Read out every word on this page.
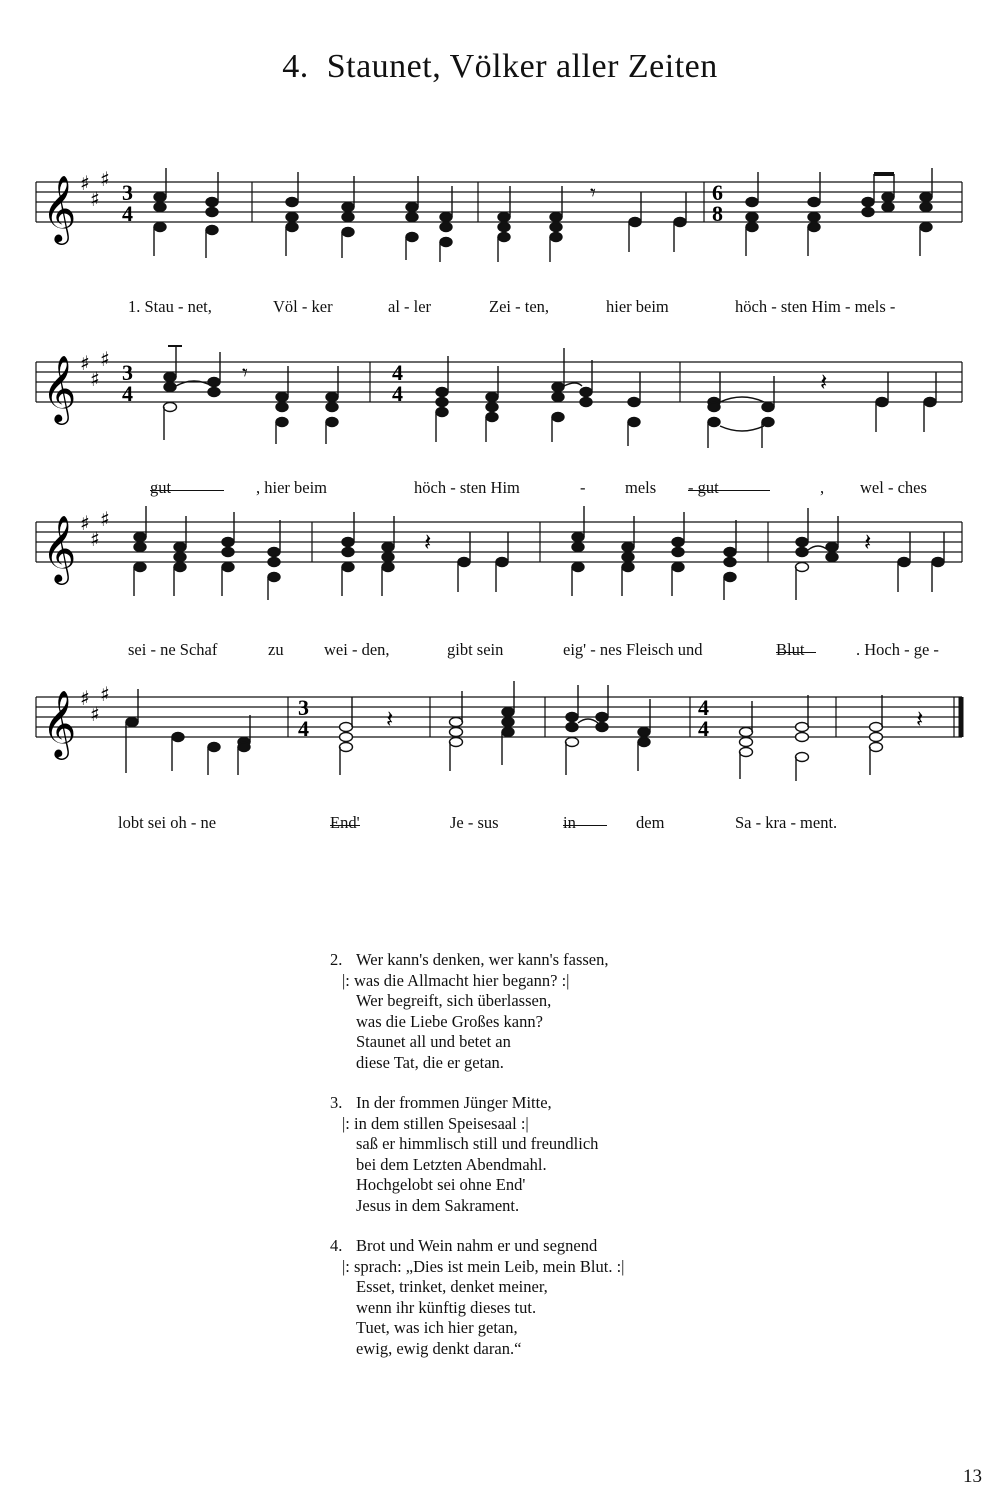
4. Staunet, Völker aller Zeiten
𝄞 ♯
♯
♯
3
4
6
8
𝄾
1. Stau - net,	Völ - ker	al - ler	Zei - ten,	hier beim	höch - sten Him - mels -
𝄞 ♯
♯
♯
3
4
4
4
𝄾	𝄽
gut	, hier beim	höch - sten Him	- mels - gut	, wel - ches
𝄞 ♯
♯
♯
𝄽	𝄽
sei - ne Schaf	zu wei - den,	gibt sein	eig' - nes Fleisch und	Blut	. Hoch - ge -
𝄞 ♯
♯
♯
3
4
4
4
𝄽	𝄽
lobt sei oh - ne	End'	Je - sus	in	dem	Sa - kra - ment.
2. Wer kann's denken, wer kann's fassen,
|: was die Allmacht hier begann? :|
Wer begreift, sich überlassen,
was die Liebe Großes kann?
Staunet all und betet an
diese Tat, die er getan.
3. In der frommen Jünger Mitte,
|: in dem stillen Speisesaal :|
saß er himmlisch still und freundlich
bei dem Letzten Abendmahl.
Hochgelobt sei ohne End'
Jesus in dem Sakrament.
4. Brot und Wein nahm er und segnend
|: sprach: „Dies ist mein Leib, mein Blut. :|
Esset, trinket, denket meiner,
wenn ihr künftig dieses tut.
Tuet, was ich hier getan,
ewig, ewig denkt daran.“
13
